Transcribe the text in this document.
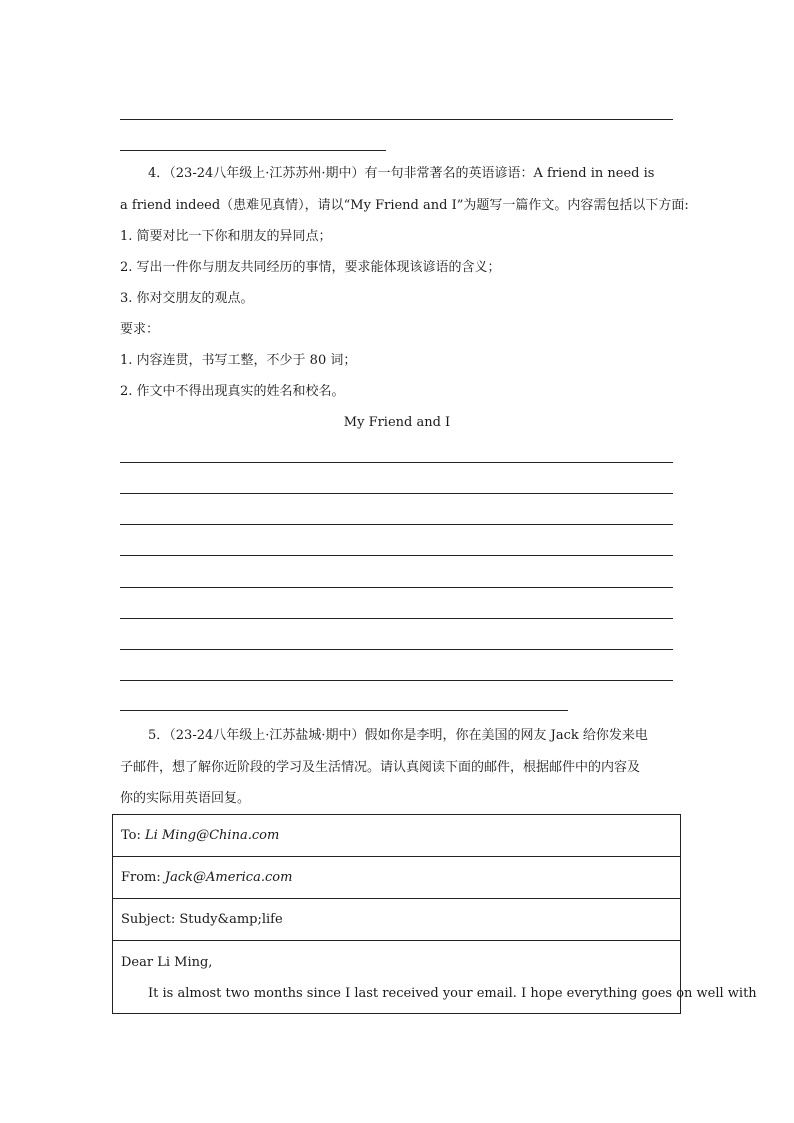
4．（23-24八年级上·江苏苏州·期中）有一句非常著名的英语谚语：A friend in need is
a friend indeed（患难见真情），请以“My Friend and I”为题写一篇作文。内容需包括以下方面:
1. 简要对比一下你和朋友的异同点；
2. 写出一件你与朋友共同经历的事情，要求能体现该谚语的含义；
3. 你对交朋友的观点。
要求：
1. 内容连贯，书写工整，不少于 80 词；
2. 作文中不得出现真实的姓名和校名。
My Friend and I
5．（23-24八年级上·江苏盐城·期中）假如你是李明，你在美国的网友 Jack 给你发来电
子邮件，想了解你近阶段的学习及生活情况。请认真阅读下面的邮件，根据邮件中的内容及
你的实际用英语回复。
To: Li Ming@China.com
From: Jack@America.com
Subject: Study&amp;life
Dear Li Ming,
It is almost two months since I last received your email. I hope everything goes on well with
